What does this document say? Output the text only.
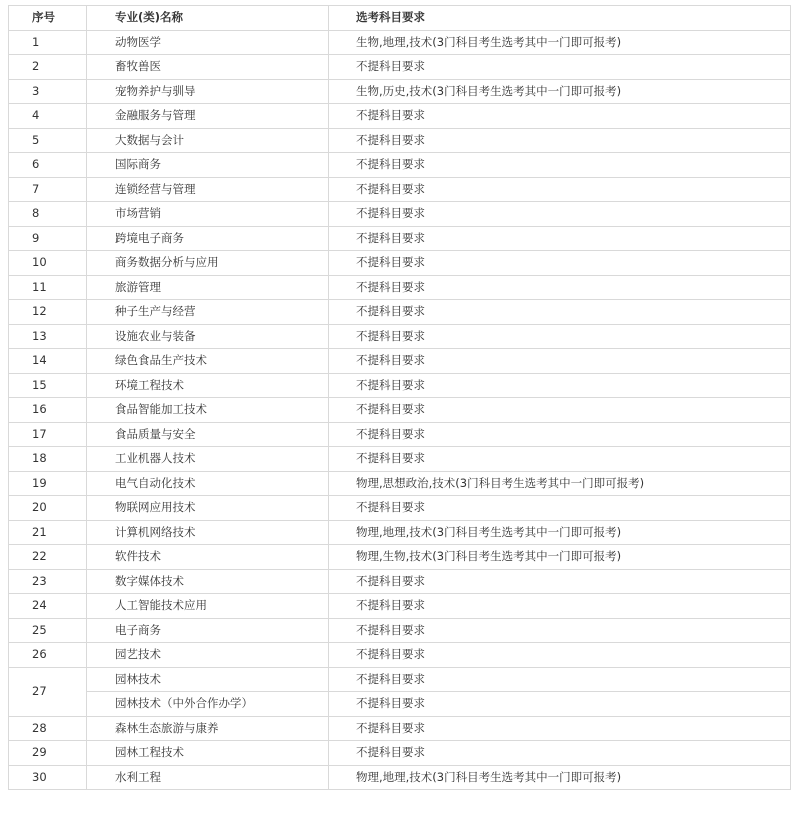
序号	专业(类)名称	选考科目要求
1	动物医学	生物,地理,技术(3门科目考生选考其中一门即可报考)
2	畜牧兽医	不提科目要求
3	宠物养护与驯导	生物,历史,技术(3门科目考生选考其中一门即可报考)
4	金融服务与管理	不提科目要求
5	大数据与会计	不提科目要求
6	国际商务	不提科目要求
7	连锁经营与管理	不提科目要求
8	市场营销	不提科目要求
9	跨境电子商务	不提科目要求
10	商务数据分析与应用	不提科目要求
11	旅游管理	不提科目要求
12	种子生产与经营	不提科目要求
13	设施农业与装备	不提科目要求
14	绿色食品生产技术	不提科目要求
15	环境工程技术	不提科目要求
16	食品智能加工技术	不提科目要求
17	食品质量与安全	不提科目要求
18	工业机器人技术	不提科目要求
19	电气自动化技术	物理,思想政治,技术(3门科目考生选考其中一门即可报考)
20	物联网应用技术	不提科目要求
21	计算机网络技术	物理,地理,技术(3门科目考生选考其中一门即可报考)
22	软件技术	物理,生物,技术(3门科目考生选考其中一门即可报考)
23	数字媒体技术	不提科目要求
24	人工智能技术应用	不提科目要求
25	电子商务	不提科目要求
26	园艺技术	不提科目要求
27	园林技术	不提科目要求
	园林技术（中外合作办学）	不提科目要求
28	森林生态旅游与康养	不提科目要求
29	园林工程技术	不提科目要求
30	水利工程	物理,地理,技术(3门科目考生选考其中一门即可报考)
